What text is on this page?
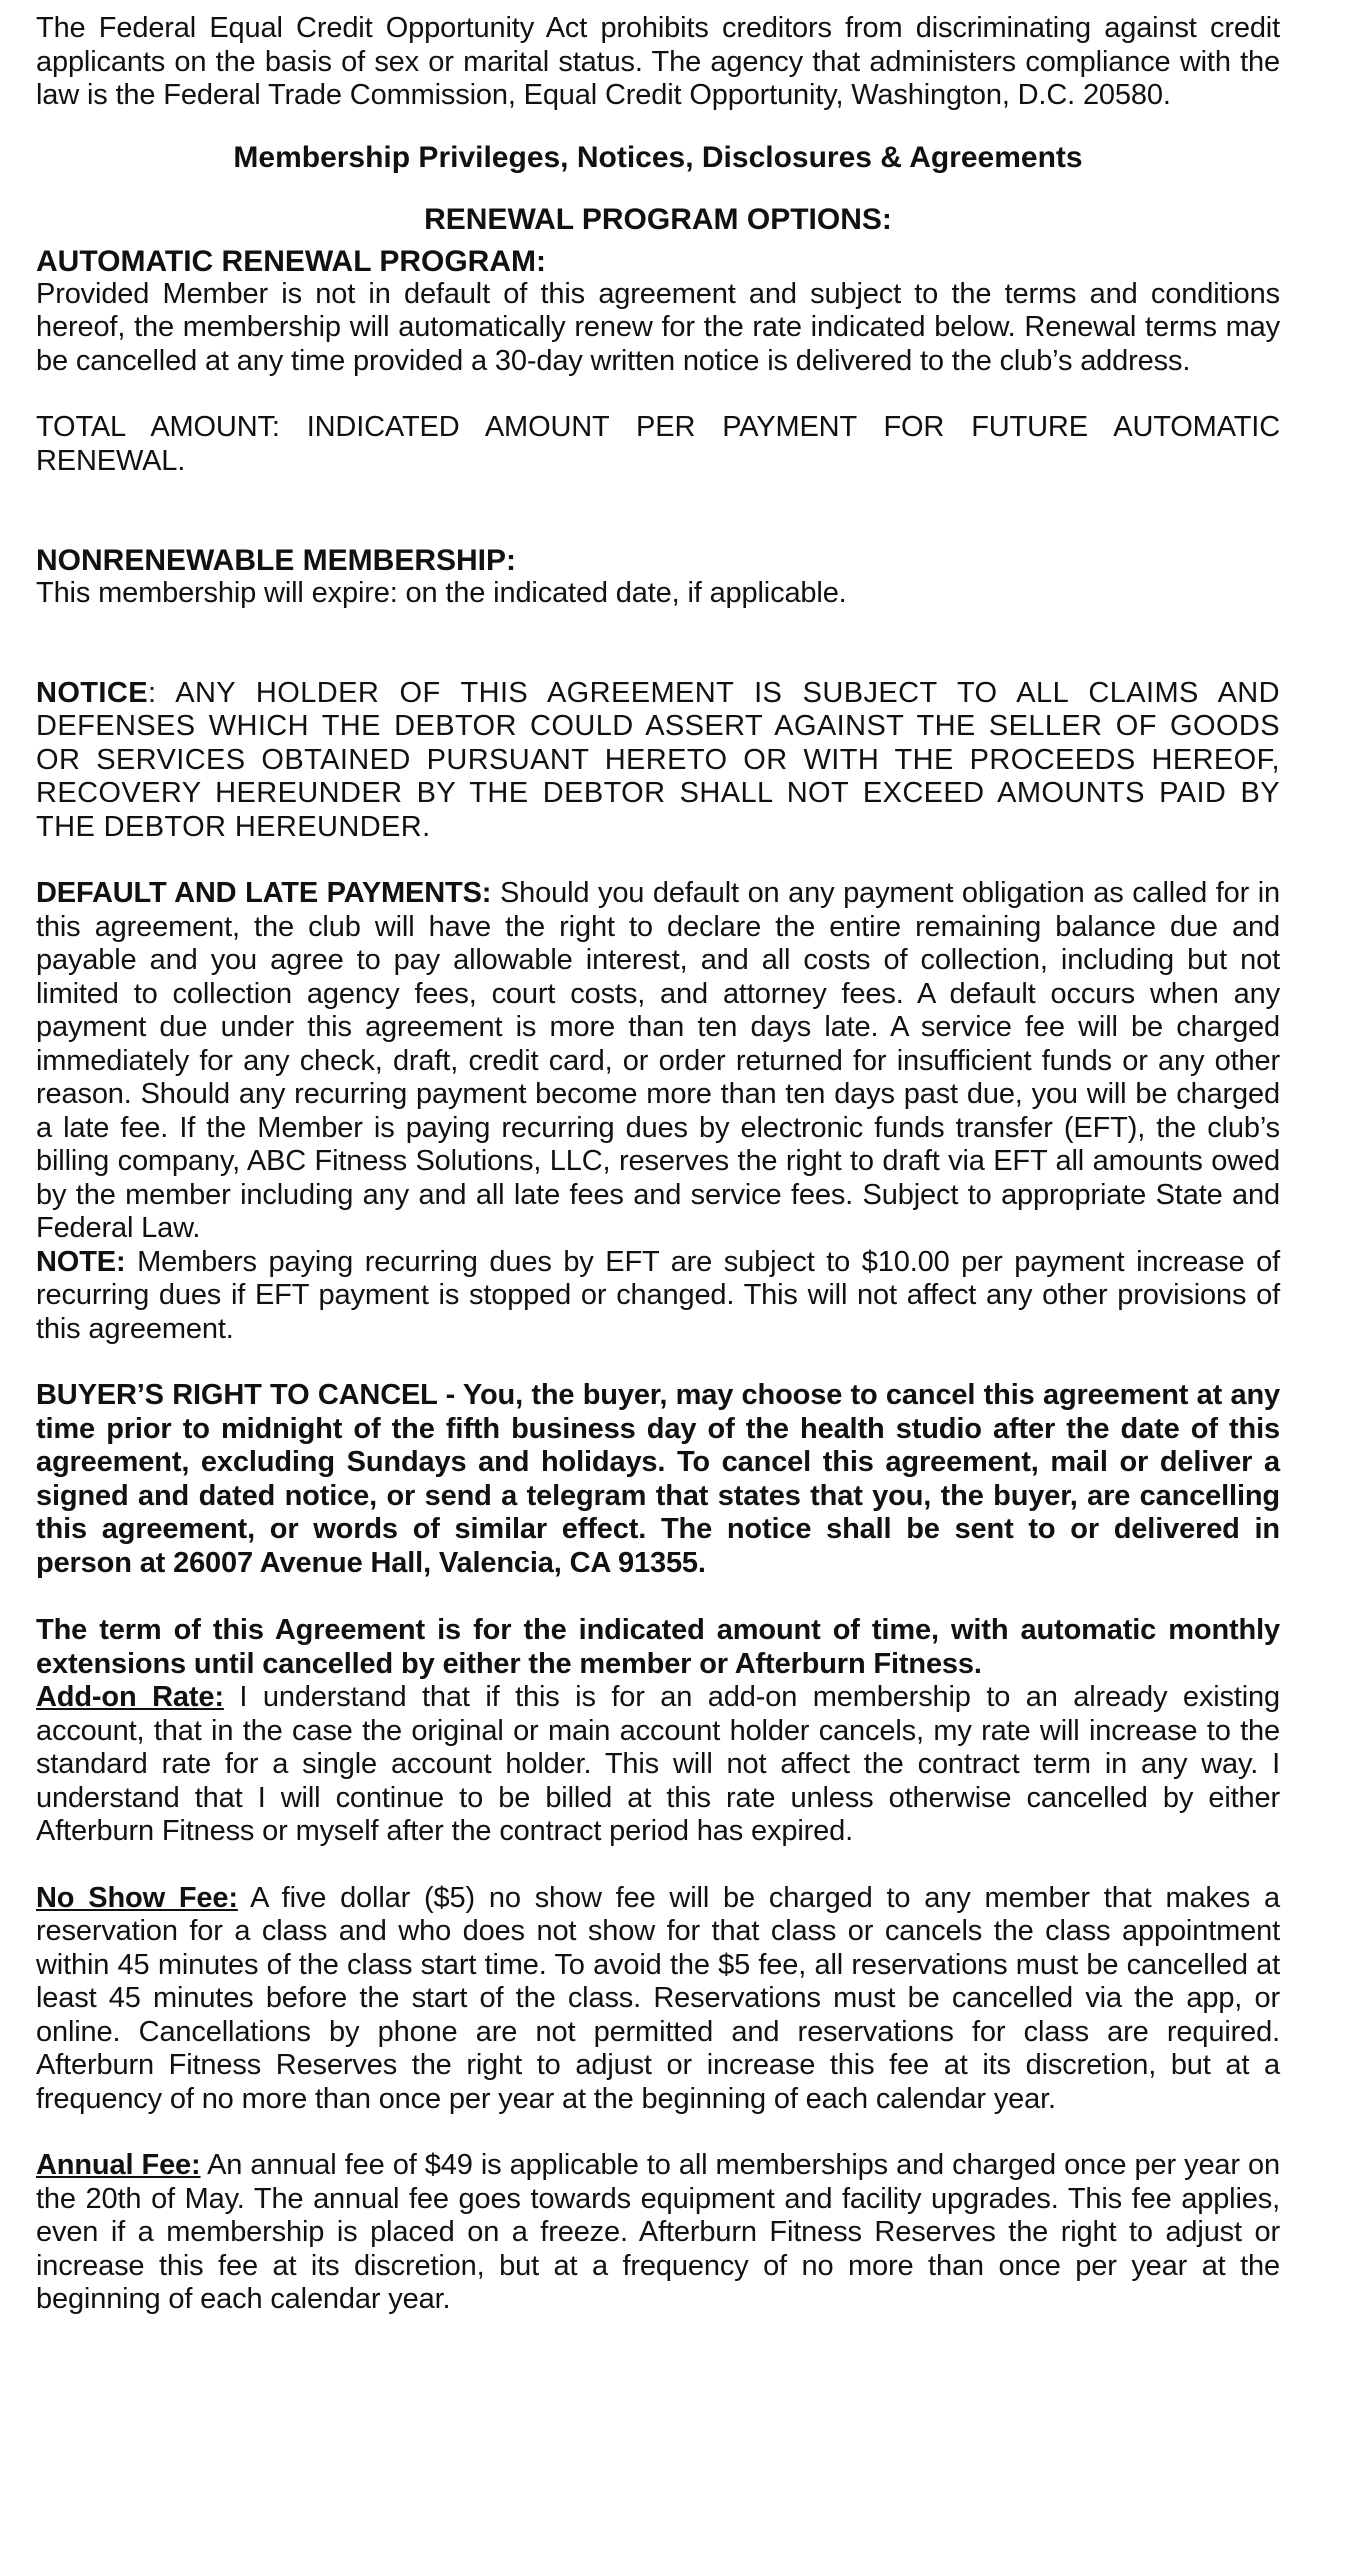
The Federal Equal Credit Opportunity Act prohibits creditors from discriminating against credit applicants on the basis of sex or marital status. The agency that administers compliance with the law is the Federal Trade Commission, Equal Credit Opportunity, Washington, D.C. 20580.

Membership Privileges, Notices, Disclosures & Agreements

RENEWAL PROGRAM OPTIONS:

AUTOMATIC RENEWAL PROGRAM:

Provided Member is not in default of this agreement and subject to the terms and conditions hereof, the membership will automatically renew for the rate indicated below. Renewal terms may be cancelled at any time provided a 30-day written notice is delivered to the club’s address.

TOTAL AMOUNT: INDICATED AMOUNT PER PAYMENT FOR FUTURE AUTOMATIC RENEWAL.

NONRENEWABLE MEMBERSHIP:

This membership will expire: on the indicated date, if applicable.

NOTICE: ANY HOLDER OF THIS AGREEMENT IS SUBJECT TO ALL CLAIMS AND DEFENSES WHICH THE DEBTOR COULD ASSERT AGAINST THE SELLER OF GOODS OR SERVICES OBTAINED PURSUANT HERETO OR WITH THE PROCEEDS HEREOF, RECOVERY HEREUNDER BY THE DEBTOR SHALL NOT EXCEED AMOUNTS PAID BY THE DEBTOR HEREUNDER.

DEFAULT AND LATE PAYMENTS: Should you default on any payment obligation as called for in this agreement, the club will have the right to declare the entire remaining balance due and payable and you agree to pay allowable interest, and all costs of collection, including but not limited to collection agency fees, court costs, and attorney fees. A default occurs when any payment due under this agreement is more than ten days late. A service fee will be charged immediately for any check, draft, credit card, or order returned for insufficient funds or any other reason. Should any recurring payment become more than ten days past due, you will be charged a late fee. If the Member is paying recurring dues by electronic funds transfer (EFT), the club’s billing company, ABC Fitness Solutions, LLC, reserves the right to draft via EFT all amounts owed by the member including any and all late fees and service fees. Subject to appropriate State and Federal Law.

NOTE: Members paying recurring dues by EFT are subject to $10.00 per payment increase of recurring dues if EFT payment is stopped or changed. This will not affect any other provisions of this agreement.

BUYER’S RIGHT TO CANCEL - You, the buyer, may choose to cancel this agreement at any time prior to midnight of the fifth business day of the health studio after the date of this agreement, excluding Sundays and holidays. To cancel this agreement, mail or deliver a signed and dated notice, or send a telegram that states that you, the buyer, are cancelling this agreement, or words of similar effect. The notice shall be sent to or delivered in person at 26007 Avenue Hall, Valencia, CA 91355.

The term of this Agreement is for the indicated amount of time, with automatic monthly extensions until cancelled by either the member or Afterburn Fitness.

Add-on Rate: I understand that if this is for an add-on membership to an already existing account, that in the case the original or main account holder cancels, my rate will increase to the standard rate for a single account holder. This will not affect the contract term in any way. I understand that I will continue to be billed at this rate unless otherwise cancelled by either Afterburn Fitness or myself after the contract period has expired.

No Show Fee: A five dollar ($5) no show fee will be charged to any member that makes a reservation for a class and who does not show for that class or cancels the class appointment within 45 minutes of the class start time. To avoid the $5 fee, all reservations must be cancelled at least 45 minutes before the start of the class. Reservations must be cancelled via the app, or online. Cancellations by phone are not permitted and reservations for class are required. Afterburn Fitness Reserves the right to adjust or increase this fee at its discretion, but at a frequency of no more than once per year at the beginning of each calendar year.

Annual Fee: An annual fee of $49 is applicable to all memberships and charged once per year on the 20th of May. The annual fee goes towards equipment and facility upgrades. This fee applies, even if a membership is placed on a freeze. Afterburn Fitness Reserves the right to adjust or increase this fee at its discretion, but at a frequency of no more than once per year at the beginning of each calendar year.
